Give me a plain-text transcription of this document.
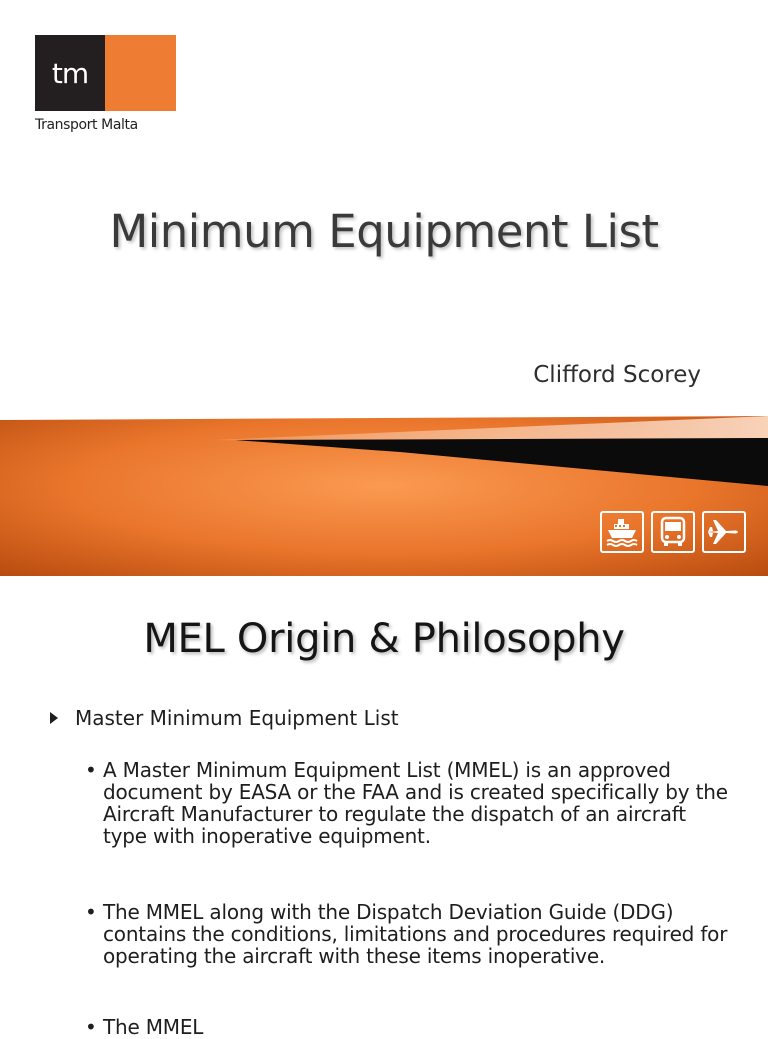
tm
Transport Malta
Minimum Equipment List
Clifford Scorey
MEL Origin & Philosophy
Master Minimum Equipment List
• A Master Minimum Equipment List (MMEL) is an approved document by EASA or the FAA and is created specifically by the Aircraft Manufacturer to regulate the dispatch of an aircraft type with inoperative equipment.
• The MMEL along with the Dispatch Deviation Guide (DDG) contains the conditions, limitations and procedures required for operating the aircraft with these items inoperative.
• The MMEL
